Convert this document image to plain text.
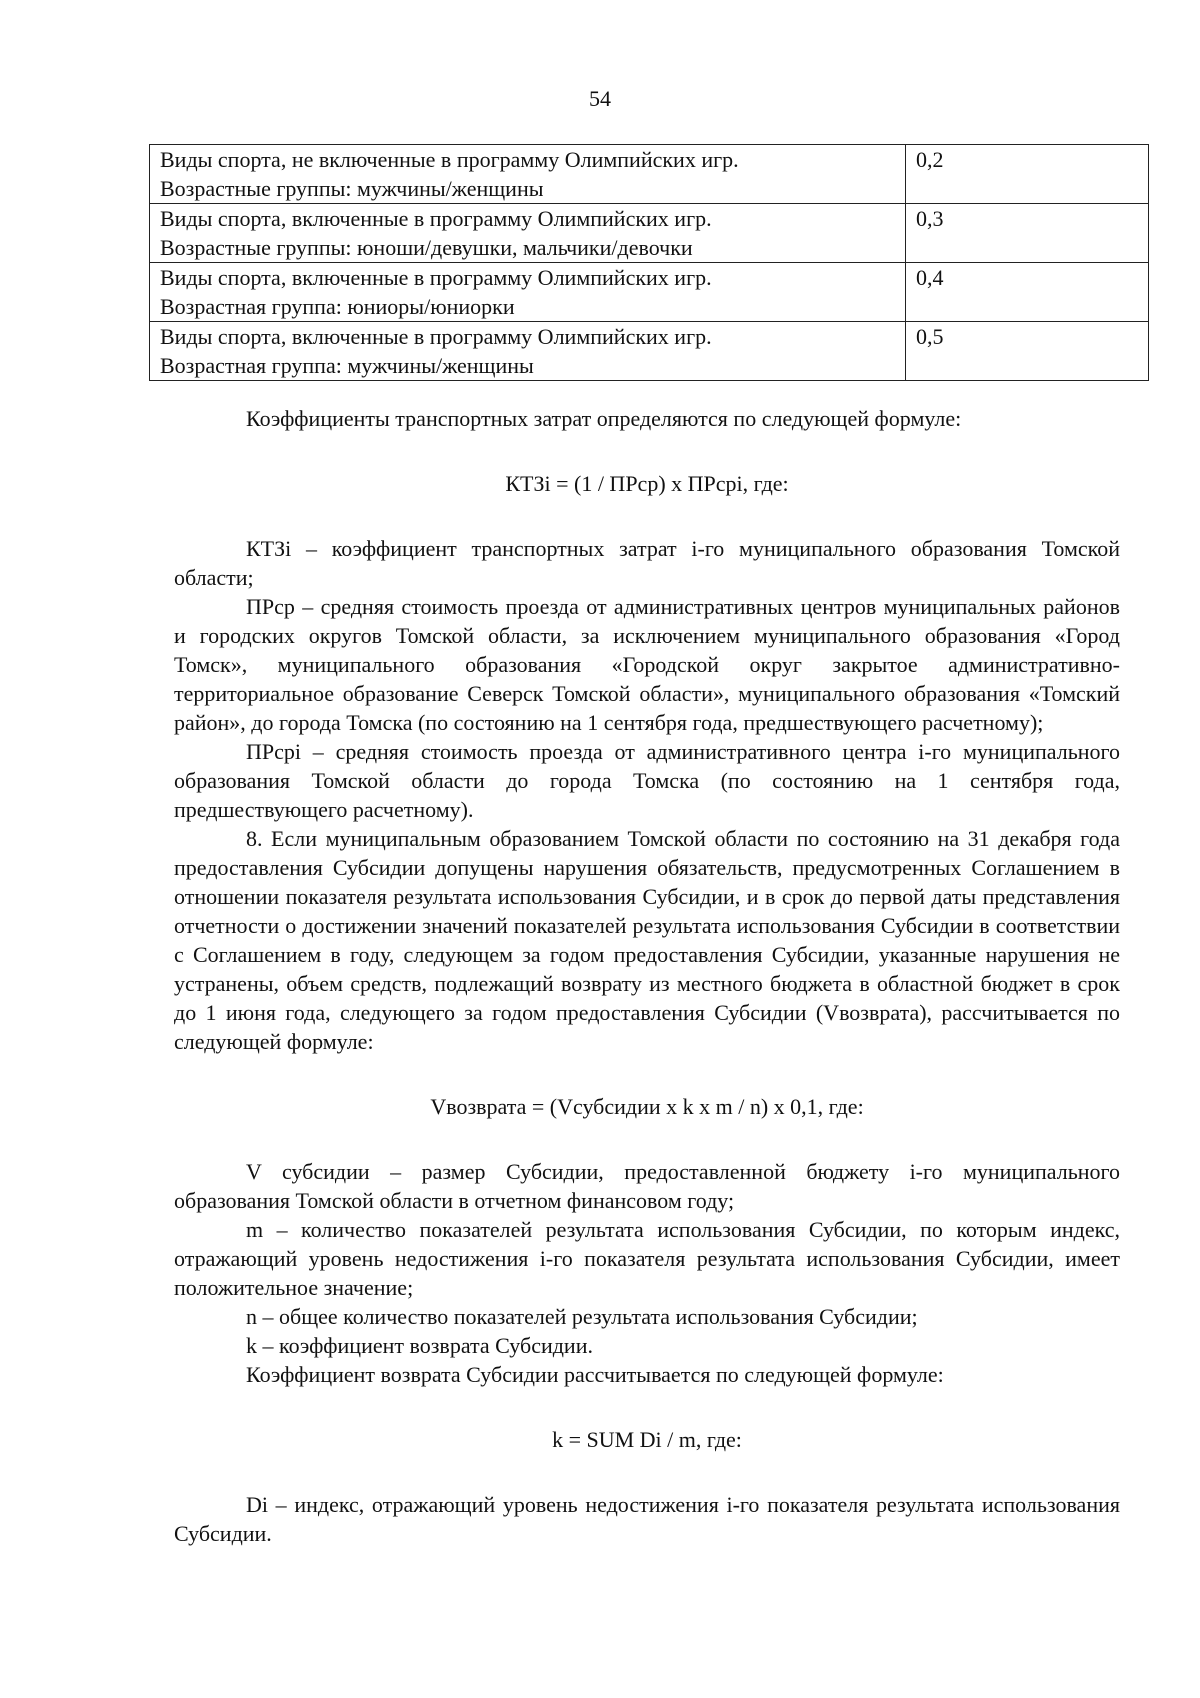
54
Виды спорта, не включенные в программу Олимпийских игр.
Возрастные группы: мужчины/женщины	0,2

Виды спорта, включенные в программу Олимпийских игр.
Возрастные группы: юноши/девушки, мальчики/девочки	0,3

Виды спорта, включенные в программу Олимпийских игр.
Возрастная группа: юниоры/юниорки	0,4

Виды спорта, включенные в программу Олимпийских игр.
Возрастная группа: мужчины/женщины	0,5

Коэффициенты транспортных затрат определяются по следующей формуле:

КТЗi = (1 / ПРср) x ПРсрi, где:

КТЗi – коэффициент транспортных затрат i-го муниципального образования Томской области;

ПРср – средняя стоимость проезда от административных центров муниципальных районов и городских округов Томской области, за исключением муниципального образования «Город Томск», муниципального образования «Городской округ закрытое административно-территориальное образование Северск Томской области», муниципального образования «Томский район», до города Томска (по состоянию на 1 сентября года, предшествующего расчетному);

ПРсрi – средняя стоимость проезда от административного центра i-го муниципального образования Томской области до города Томска (по состоянию на 1 сентября года, предшествующего расчетному).

8. Если муниципальным образованием Томской области по состоянию на 31 декабря года предоставления Субсидии допущены нарушения обязательств, предусмотренных Соглашением в отношении показателя результата использования Субсидии, и в срок до первой даты представления отчетности о достижении значений показателей результата использования Субсидии в соответствии с Соглашением в году, следующем за годом предоставления Субсидии, указанные нарушения не устранены, объем средств, подлежащий возврату из местного бюджета в областной бюджет в срок до 1 июня года, следующего за годом предоставления Субсидии (Vвозврата), рассчитывается по следующей формуле:

Vвозврата = (Vсубсидии x k x m / n) x 0,1, где:

V субсидии – размер Субсидии, предоставленной бюджету i-го муниципального образования Томской области в отчетном финансовом году;

m – количество показателей результата использования Субсидии, по которым индекс, отражающий уровень недостижения i-го показателя результата использования Субсидии, имеет положительное значение;

n – общее количество показателей результата использования Субсидии;

k – коэффициент возврата Субсидии.

Коэффициент возврата Субсидии рассчитывается по следующей формуле:

k = SUM Di / m, где:

Di – индекс, отражающий уровень недостижения i-го показателя результата использования Субсидии.
